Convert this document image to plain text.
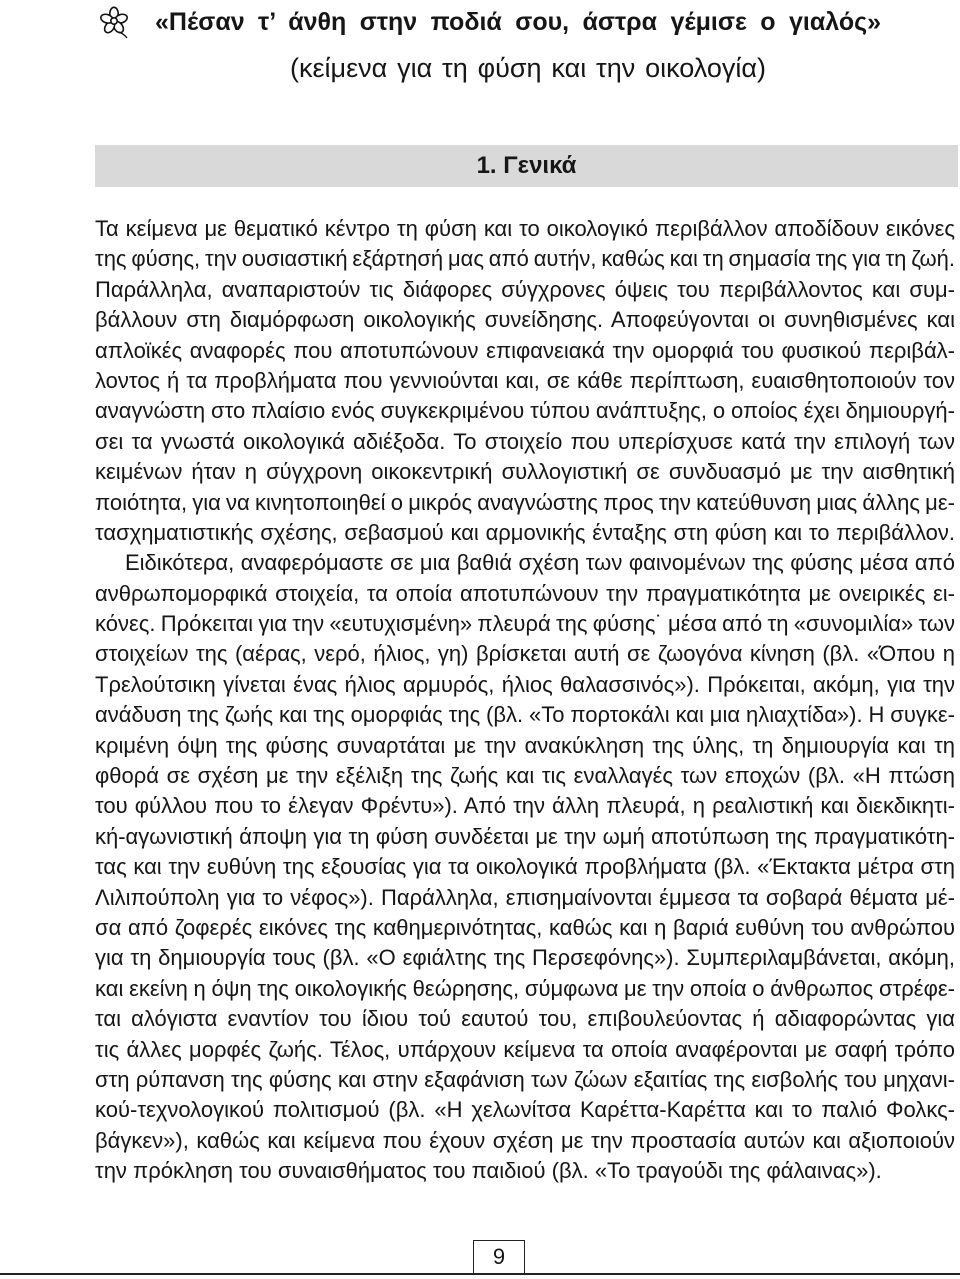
«Πέσαν τ’ άνθη στην ποδιά σου, άστρα γέμισε ο γιαλός»
(κείμενα για τη φύση και την οικολογία)
1. Γενικά
Τα κείμενα με θεματικό κέντρο τη φύση και το οικολογικό περιβάλλον αποδίδουν εικόνες
της φύσης, την ουσιαστική εξάρτησή μας από αυτήν, καθώς και τη σημασία της για τη ζωή.
Παράλληλα, αναπαριστούν τις διάφορες σύγχρονες όψεις του περιβάλλοντος και συμ-
βάλλουν στη διαμόρφωση οικολογικής συνείδησης. Αποφεύγονται οι συνηθισμένες και
απλοϊκές αναφορές που αποτυπώνουν επιφανειακά την ομορφιά του φυσικού περιβάλ-
λοντος ή τα προβλήματα που γεννιούνται και, σε κάθε περίπτωση, ευαισθητοποιούν τον
αναγνώστη στο πλαίσιο ενός συγκεκριμένου τύπου ανάπτυξης, ο οποίος έχει δημιουργή-
σει τα γνωστά οικολογικά αδιέξοδα. Το στοιχείο που υπερίσχυσε κατά την επιλογή των
κειμένων ήταν η σύγχρονη οικοκεντρική συλλογιστική σε συνδυασμό με την αισθητική
ποιότητα, για να κινητοποιηθεί ο μικρός αναγνώστης προς την κατεύθυνση μιας άλλης με-
τασχηματιστικής σχέσης, σεβασμού και αρμονικής ένταξης στη φύση και το περιβάλλον.
Ειδικότερα, αναφερόμαστε σε μια βαθιά σχέση των φαινομένων της φύσης μέσα από
ανθρωπομορφικά στοιχεία, τα οποία αποτυπώνουν την πραγματικότητα με ονειρικές ει-
κόνες. Πρόκειται για την «ευτυχισμένη» πλευρά της φύσης˙ μέσα από τη «συνομιλία» των
στοιχείων της (αέρας, νερό, ήλιος, γη) βρίσκεται αυτή σε ζωογόνα κίνηση (βλ. «Όπου η
Τρελούτσικη γίνεται ένας ήλιος αρμυρός, ήλιος θαλασσινός»). Πρόκειται, ακόμη, για την
ανάδυση της ζωής και της ομορφιάς της (βλ. «Το πορτοκάλι και μια ηλιαχτίδα»). Η συγκε-
κριμένη όψη της φύσης συναρτάται με την ανακύκληση της ύλης, τη δημιουργία και τη
φθορά σε σχέση με την εξέλιξη της ζωής και τις εναλλαγές των εποχών (βλ. «Η πτώση
του φύλλου που το έλεγαν Φρέντυ»). Από την άλλη πλευρά, η ρεαλιστική και διεκδικητι-
κή-αγωνιστική άποψη για τη φύση συνδέεται με την ωμή αποτύπωση της πραγματικότη-
τας και την ευθύνη της εξουσίας για τα οικολογικά προβλήματα (βλ. «Έκτακτα μέτρα στη
Λιλιπούπολη για το νέφος»). Παράλληλα, επισημαίνονται έμμεσα τα σοβαρά θέματα μέ-
σα από ζοφερές εικόνες της καθημερινότητας, καθώς και η βαριά ευθύνη του ανθρώπου
για τη δημιουργία τους (βλ. «Ο εφιάλτης της Περσεφόνης»). Συμπεριλαμβάνεται, ακόμη,
και εκείνη η όψη της οικολογικής θεώρησης, σύμφωνα με την οποία ο άνθρωπος στρέφε-
ται αλόγιστα εναντίον του ίδιου τού εαυτού του, επιβουλεύοντας ή αδιαφορώντας για
τις άλλες μορφές ζωής. Τέλος, υπάρχουν κείμενα τα οποία αναφέρονται με σαφή τρόπο
στη ρύπανση της φύσης και στην εξαφάνιση των ζώων εξαιτίας της εισβολής του μηχανι-
κού-τεχνολογικού πολιτισμού (βλ. «Η χελωνίτσα Καρέττα-Καρέττα και το παλιό Φολκς-
βάγκεν»), καθώς και κείμενα που έχουν σχέση με την προστασία αυτών και αξιοποιούν
την πρόκληση του συναισθήματος του παιδιού (βλ. «Το τραγούδι της φάλαινας»).
9
